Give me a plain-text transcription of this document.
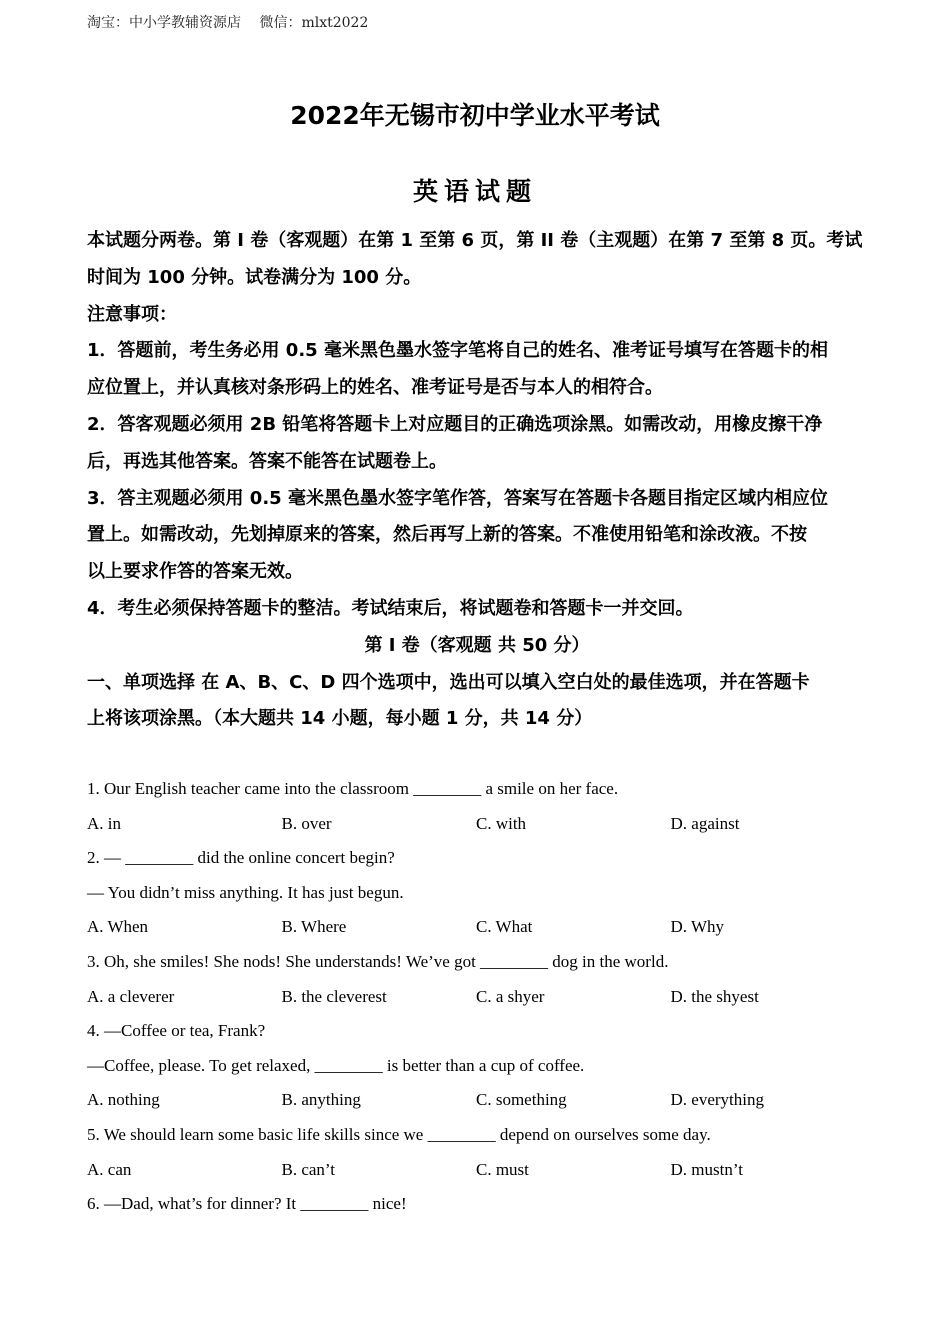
淘宝：中小学教辅资源店 微信：mlxt2022
2022年无锡市初中学业水平考试
英语试题

本试题分两卷。第 I 卷（客观题）在第 1 至第 6 页，第 II 卷（主观题）在第 7 至第 8 页。考试

时间为 100 分钟。试卷满分为 100 分。

注意事项：

1．答题前，考生务必用 0.5 毫米黑色墨水签字笔将自己的姓名、准考证号填写在答题卡的相

应位置上，并认真核对条形码上的姓名、准考证号是否与本人的相符合。

2．答客观题必须用 2B 铅笔将答题卡上对应题目的正确选项涂黑。如需改动，用橡皮擦干净

后，再选其他答案。答案不能答在试题卷上。

3．答主观题必须用 0.5 毫米黑色墨水签字笔作答，答案写在答题卡各题目指定区域内相应位

置上。如需改动，先划掉原来的答案，然后再写上新的答案。不准使用铅笔和涂改液。不按

以上要求作答的答案无效。

4．考生必须保持答题卡的整洁。考试结束后，将试题卷和答题卡一并交回。

第 I 卷（客观题 共 50 分）

一、单项选择 在 A、B、C、D 四个选项中，选出可以填入空白处的最佳选项，并在答题卡

上将该项涂黑。（本大题共 14 小题，每小题 1 分，共 14 分）

1. Our English teacher came into the classroom ________ a smile on her face.
A. in	B. over	C. with	D. against
2. — ________ did the online concert begin?
— You didn’t miss anything. It has just begun.
A. When	B. Where	C. What	D. Why
3. Oh, she smiles! She nods! She understands! We’ve got ________ dog in the world.
A. a cleverer	B. the cleverest	C. a shyer	D. the shyest
4. —Coffee or tea, Frank?
—Coffee, please. To get relaxed, ________ is better than a cup of coffee.
A. nothing	B. anything	C. something	D. everything
5. We should learn some basic life skills since we ________ depend on ourselves some day.
A. can	B. can’t	C. must	D. mustn’t
6. —Dad, what’s for dinner? It ________ nice!
